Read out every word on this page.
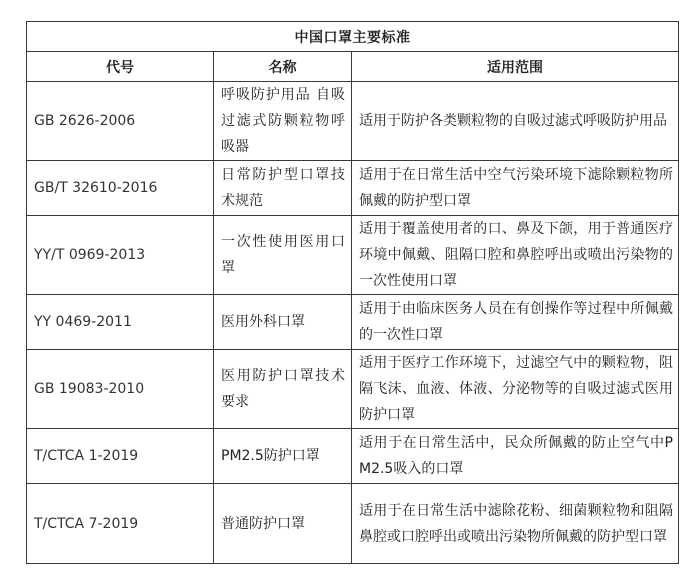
中国口罩主要标准		
代号	名称	适用范围
GB 2626-2006	呼吸防护用品 自吸过滤式防颗粒物呼吸器	适用于防护各类颗粒物的自吸过滤式呼吸防护用品
GB/T 32610-2016	日常防护型口罩技术规范	适用于在日常生活中空气污染环境下滤除颗粒物所佩戴的防护型口罩
YY/T 0969-2013	一次性使用医用口罩	适用于覆盖使用者的口、鼻及下颌，用于普通医疗环境中佩戴、阻隔口腔和鼻腔呼出或喷出污染物的一次性使用口罩
YY 0469-2011	医用外科口罩	适用于由临床医务人员在有创操作等过程中所佩戴的一次性口罩
GB 19083-2010	医用防护口罩技术要求	适用于医疗工作环境下，过滤空气中的颗粒物，阻隔飞沫、血液、体液、分泌物等的自吸过滤式医用防护口罩
T/CTCA 1-2019	PM2.5防护口罩	适用于在日常生活中，民众所佩戴的防止空气中PM2.5吸入的口罩
T/CTCA 7-2019	普通防护口罩	适用于在日常生活中滤除花粉、细菌颗粒物和阻隔鼻腔或口腔呼出或喷出污染物所佩戴的防护型口罩
